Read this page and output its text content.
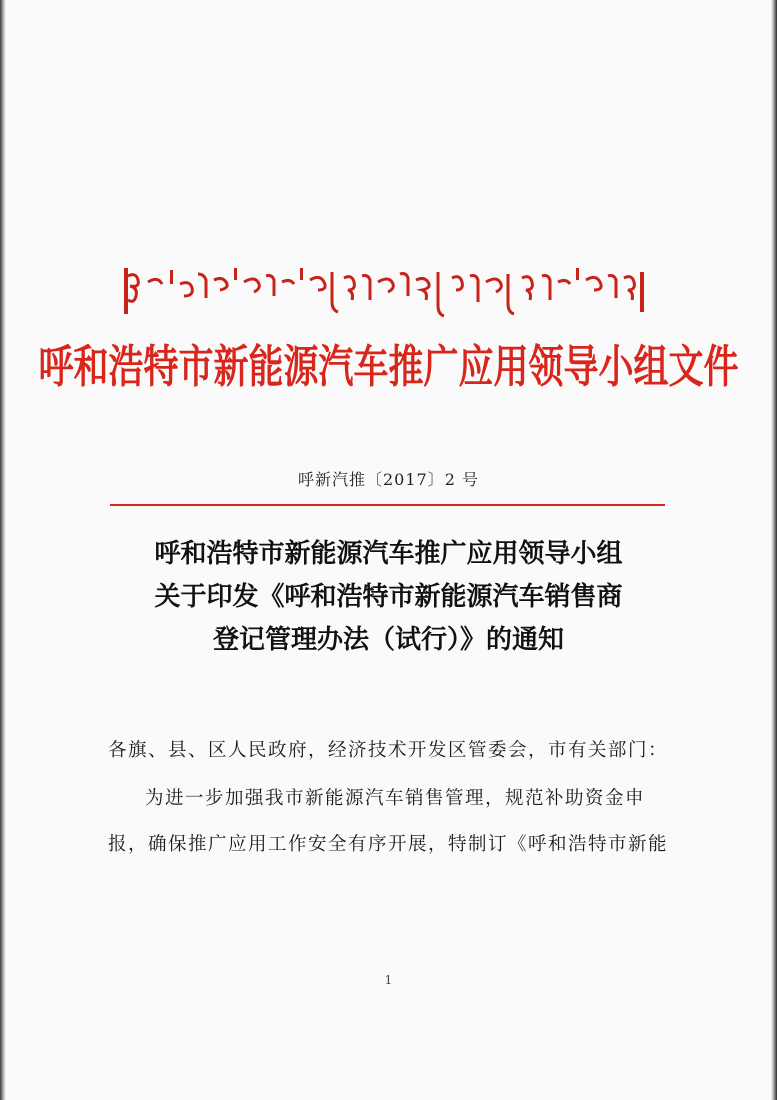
呼和浩特市新能源汽车推广应用领导小组文件
呼新汽推〔2017〕2 号
呼和浩特市新能源汽车推广应用领导小组
关于印发《呼和浩特市新能源汽车销售商
登记管理办法（试行）》的通知
各旗、县、区人民政府，经济技术开发区管委会，市有关部门：
为进一步加强我市新能源汽车销售管理，规范补助资金申
报，确保推广应用工作安全有序开展，特制订《呼和浩特市新能
1
